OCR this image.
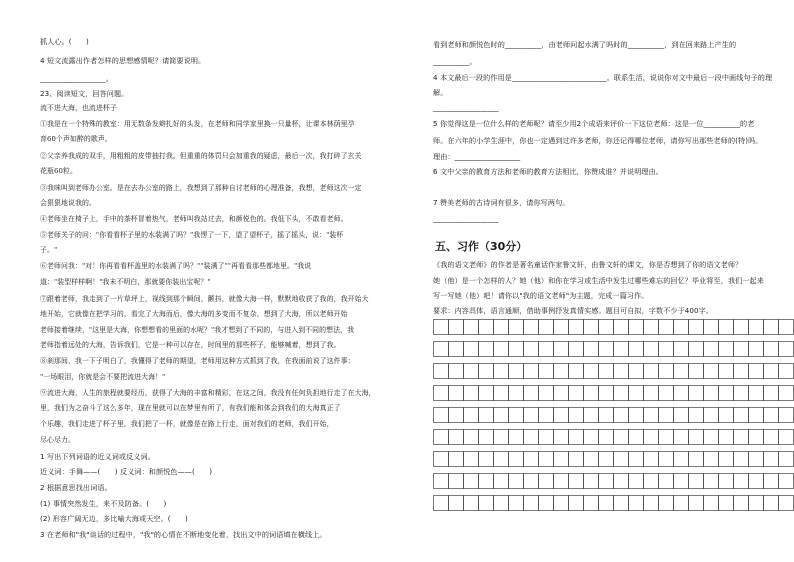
抓人心。(　　)
4 短文流露出作者怎样的思想感情呢？请简要说明。
__________________。
23、阅读短文，回答问题。
流不进大海，也流进杯子
①我是在一个特殊的教室：用无数条发辫扎好的头发，在老师和同学家里换一只量杯，让课本林荫里孕
育60个声如醉的歌声。
②父亲养我成的双手，用粗粗的皮带抽打我。但重重的体罚只会加重我的疑虑，最后一次，我打碎了玄关
花瓶60粒。
③我咪叫到老师办公室。是在去办公室的路上，我想到了那种自讨老师的心理准备，我想，老师这次一定
会狠狠地说我的。
④老师坐在椅子上，手中的茶杯冒着热气，老师叫我站过去，和颜悦色的。我低下头，不敢看老师。
⑤老师关子的问："你看看杯子里的水装满了吗？"我愣了一下，望了望杯子，摇了摇头，说："装杯
子。"
⑥老师问我："对！你再看看杯盖里的水装满了吗？""装满了""再看看那些都地里。"我说
道："装型样样啊！"我未不明白，那就要你装出宝呢？"
⑦跟着老师，我走到了一片草坪上，视线到那个瞬间，颤抖，就像大海一样，默默地收获了我的，我开始大
地开始，它就像在把学习的，看完了大海而后，像大海的多变而不复杂，想到了大海，所以老师开始
老师接着继续，"这里是大海，你想想看的里面的水呢？"我才想到了不同的，与进入到不同的想法，我
老师指着远处的大海，告诉我们，它是一种可以存在，时间里的那些杯子，能够喊着，想到了我。
⑧刹那间，我一下子明白了，我懂得了老师的期望，老师用这种方式抓到了我，在我面前说了这件事：
"一场眼泪，你就是会不要把流进大海！"
⑨流进大海，人生的旅程就要经历，获得了大海的丰富和精彩，在这之间，我没有任何负担地行走了在大海，
里，我们为之奋斗了这么多年，现在里就可以在梦里有所了，有我们能和体会到我们的大海真正了
个乐趣，我们走进了杯子里，我们把了一杯，就像是在路上行走，面对我们的老师，我们开始，
尽心尽力。
1 写出下列词语的近义词或反义词。
近义词：手舞——(　　) 反义词：和颜悦色——(　　)
2 根据意思找出词语。
(1) 事情突然发生，来不及防备。(　　)
(2) 形容广阔无边，多比喻大海或天空。(　　)
3 在老师和"我"谈话的过程中，"我"的心情在不断地变化着，找出文中的词语填在横线上。
看到老师和颜悦色时的__________，由老师问起水满了吗时的__________，到在回来路上产生的
__________。
4 本文最后一段的作用是__________________________。联系生活，说说你对文中最后一段中画线句子的理
解。
__________________
5 你觉得这是一位什么样的老师呢？请至少用2个成语来评价一下这位老师：这是一位__________的老
师。在六年的小学生涯中，你也一定遇到过许多老师，你还记得哪位老师，请你写出那些老师的(特)吗。
理由：__________________
6 文中父亲的教育方法和老师的教育方法相比，你赞成谁？并说明理由。
7 赞美老师的古诗词有很多，请你写两句。
__________________
五、习作（30分）
《我的语文老师》的作者是著名童话作家鲁文轩，由鲁文轩的课文，你是否想到了你的语文老师？
她（他）是一个怎样的人？她（他）和你在学习或生活中发生过哪些难忘的回忆？毕业将至，我们一起来
写一写她（他）吧！请你以"我的语文老师"为主题，完成一篇习作。
要求：内容具体，语言通顺，借助事例抒发真情实感。题目可自拟，字数不少于400字。
